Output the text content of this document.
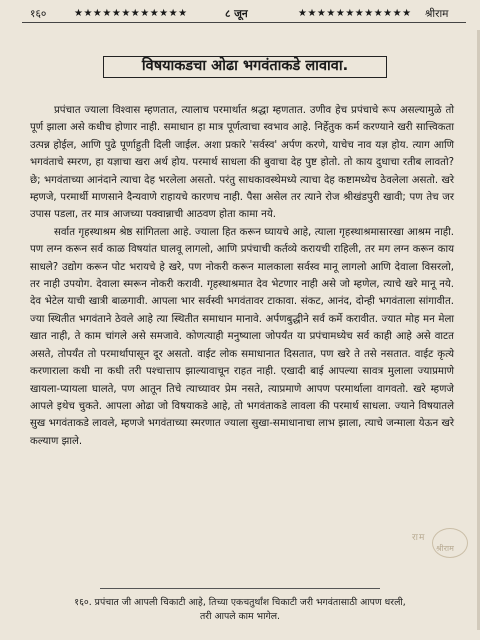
१६०	★★★★★★★★★★★★	८ जून	★★★★★★★★★★★★ श्रीराम
विषयाकडचा ओढा भगवंताकडे लावावा.

प्रपंचात ज्याला विश्वास म्हणतात, त्यालाच परमार्थात श्रद्धा म्हणतात. उणीव हेच प्रपंचाचे रूप असल्यामुळे तो पूर्ण झाला असे कधीच होणार नाही. समाधान हा मात्र पूर्णत्वाचा स्वभाव आहे. निर्हेतुक कर्म करण्याने खरी सात्त्विकता उत्पन्न होईल, आणि पुढे पूर्णाहुती दिली जाईल. अशा प्रकारे 'सर्वस्व' अर्पण करणे, याचेच नाव यज्ञ होय. त्याग आणि भगवंताचे स्मरण, हा यज्ञाचा खरा अर्थ होय. परमार्थ साधला की बुवाचा देह पुष्ट होतो. तो काय दुधाचा रतीब लावतो? छे; भगवंताच्या आनंदाने त्याचा देह भरलेला असतो. परंतु साधकावस्थेमध्ये त्याचा देह कष्टामध्येच ठेवलेला असतो. खरे म्हणजे, परमार्थी माणसाने दैन्यवाणे राहायचे कारणच नाही. पैसा असेल तर त्याने रोज श्रीखंडपुरी खावी; पण तेच जर उपास पडला, तर मात्र आजच्या पक्वान्नाची आठवण होता कामा नये.

सर्वात गृहस्थाश्रम श्रेष्ठ सांगितला आहे. ज्याला हित करून घ्यायचे आहे, त्याला गृहस्थाश्रमासारखा आश्रम नाही. पण लग्न करून सर्व काळ विषयांत घालवू लागलो, आणि प्रपंचाची कर्तव्ये करायची राहिली, तर मग लग्न करून काय साधले? उद्योग करून पोट भरायचे हे खरे, पण नोकरी करून मालकाला सर्वस्व मानू लागलो आणि देवाला विसरलो, तर नाही उपयोग. देवाला स्मरून नोकरी करावी. गृहस्थाश्रमात देव भेटणार नाही असे जो म्हणेल, त्याचे खरे मानू नये. देव भेटेल याची खात्री बाळगावी. आपला भार सर्वस्वी भगवंतावर टाकावा. संकट, आनंद, दोन्ही भगवंताला सांगावीत. ज्या स्थितीत भगवंताने ठेवले आहे त्या स्थितीत समाधान मानावे. अर्पणबुद्धीने सर्व कर्मे करावीत. ज्यात मोह मन मेला खात नाही, ते काम चांगले असे समजावे. कोणत्याही मनुष्याला जोपर्यंत या प्रपंचामध्येच सर्व काही आहे असे वाटत असते, तोपर्यंत तो परमार्थापासून दूर असतो. वाईट लोक समाधानात दिसतात, पण खरे ते तसे नसतात. वाईट कृत्ये करणाराला कधी ना कधी तरी पश्चात्ताप झाल्यावाचून राहत नाही. एखादी बाई आपल्या सावत्र मुलाला ज्याप्रमाणे खायला-प्यायला घालते, पण आतून तिचे त्याच्यावर प्रेम नसते, त्याप्रमाणे आपण परमार्थाला वागवतो. खरे म्हणजे आपले इथेच चुकते. आपला ओढा जो विषयाकडे आहे, तो भगवंताकडे लावला की परमार्थ साधला. ज्याने विषयातले सुख भगवंताकडे लावले, म्हणजे भगवंताच्या स्मरणात ज्याला सुखा-समाधानाचा लाभ झाला, त्याचे जन्माला येऊन खरे कल्याण झाले.

राम
श्रीराम
१६०. प्रपंचात जी आपली चिकाटी आहे, तिच्या एकचतुर्थांश चिकाटी जरी भगवंतासाठी आपण धरली,
तरी आपले काम भागेल.
